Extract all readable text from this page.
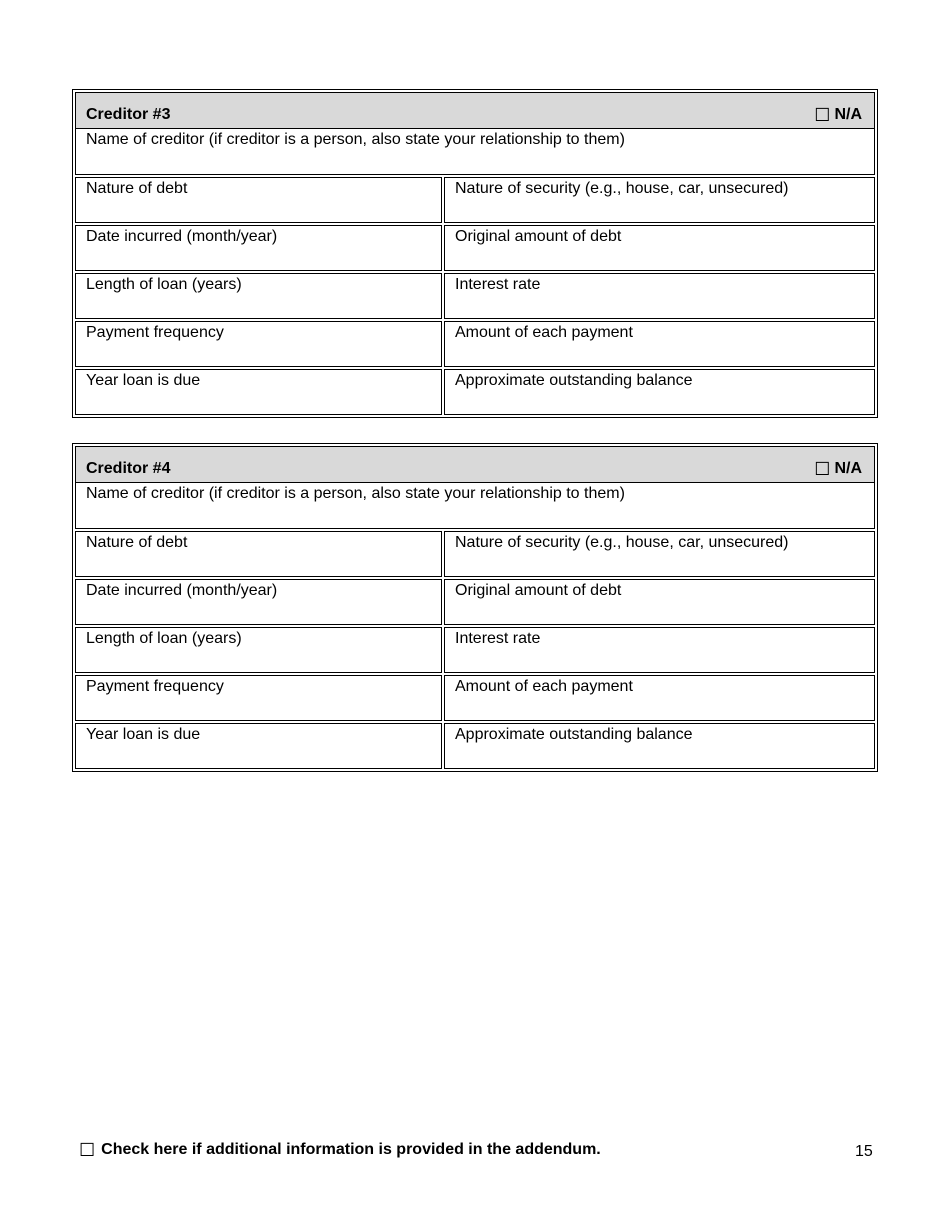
Creditor #3	☐ N/A
Name of creditor (if creditor is a person, also state your relationship to them)
Nature of debt	Nature of security (e.g., house, car, unsecured)
Date incurred (month/year)	Original amount of debt
Length of loan (years)	Interest rate
Payment frequency	Amount of each payment
Year loan is due	Approximate outstanding balance
Creditor #4	☐ N/A
Name of creditor (if creditor is a person, also state your relationship to them)
Nature of debt	Nature of security (e.g., house, car, unsecured)
Date incurred (month/year)	Original amount of debt
Length of loan (years)	Interest rate
Payment frequency	Amount of each payment
Year loan is due	Approximate outstanding balance
☐ Check here if additional information is provided in the addendum.	15
